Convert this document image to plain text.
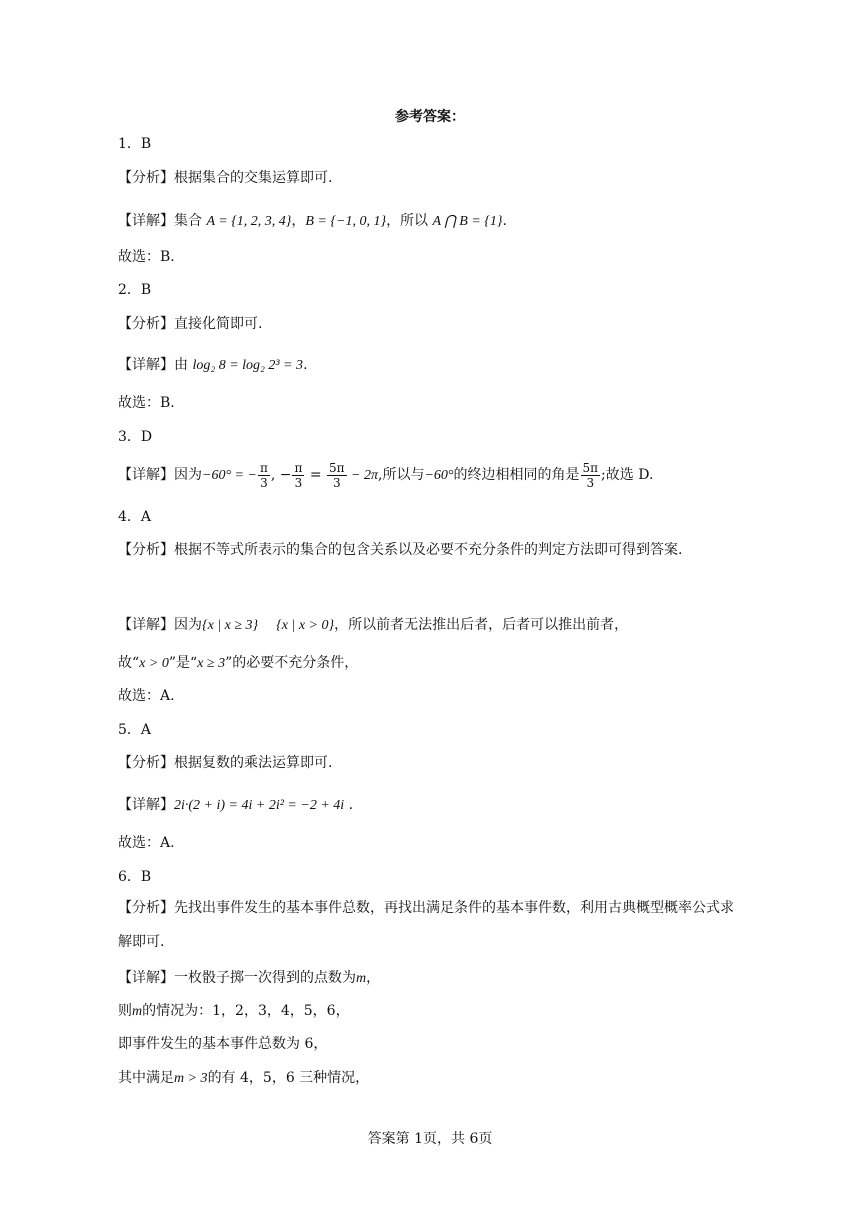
参考答案：
1．B
【分析】根据集合的交集运算即可.
【详解】集合 A = {1, 2, 3, 4}，B = {−1, 0, 1}，所以 A ⋂ B = {1}.
故选：B.
2．B
【分析】直接化简即可.
【详解】由 log₂ 8 = log₂ 2³ = 3.
故选：B.
3．D
【详解】因为−60° = − $\frac{\pi}{3}$ , − $\frac{\pi}{3} = \frac{5\pi}{3} - 2\pi$,所以与−60°的终边相相同的角是 $\frac{5\pi}{3}$ ;故选 D.
4．A
【分析】根据不等式所表示的集合的包含关系以及必要不充分条件的判定方法即可得到答案.
【详解】因为{x | x ≥ 3} {x | x > 0}，所以前者无法推出后者，后者可以推出前者，
故“x > 0”是“x ≥ 3”的必要不充分条件，
故选：A.
5．A
【分析】根据复数的乘法运算即可.
【详解】2i·(2 + i) = 4i + 2i² = −2 + 4i .
故选：A.
6．B
【分析】先找出事件发生的基本事件总数，再找出满足条件的基本事件数，利用古典概型概率公式求解即可.
【详解】一枚骰子掷一次得到的点数为m，
则m的情况为：1，2，3，4，5，6，
即事件发生的基本事件总数为 6，
其中满足m > 3的有 4，5，6 三种情况，
答案第 1页，共 6页
